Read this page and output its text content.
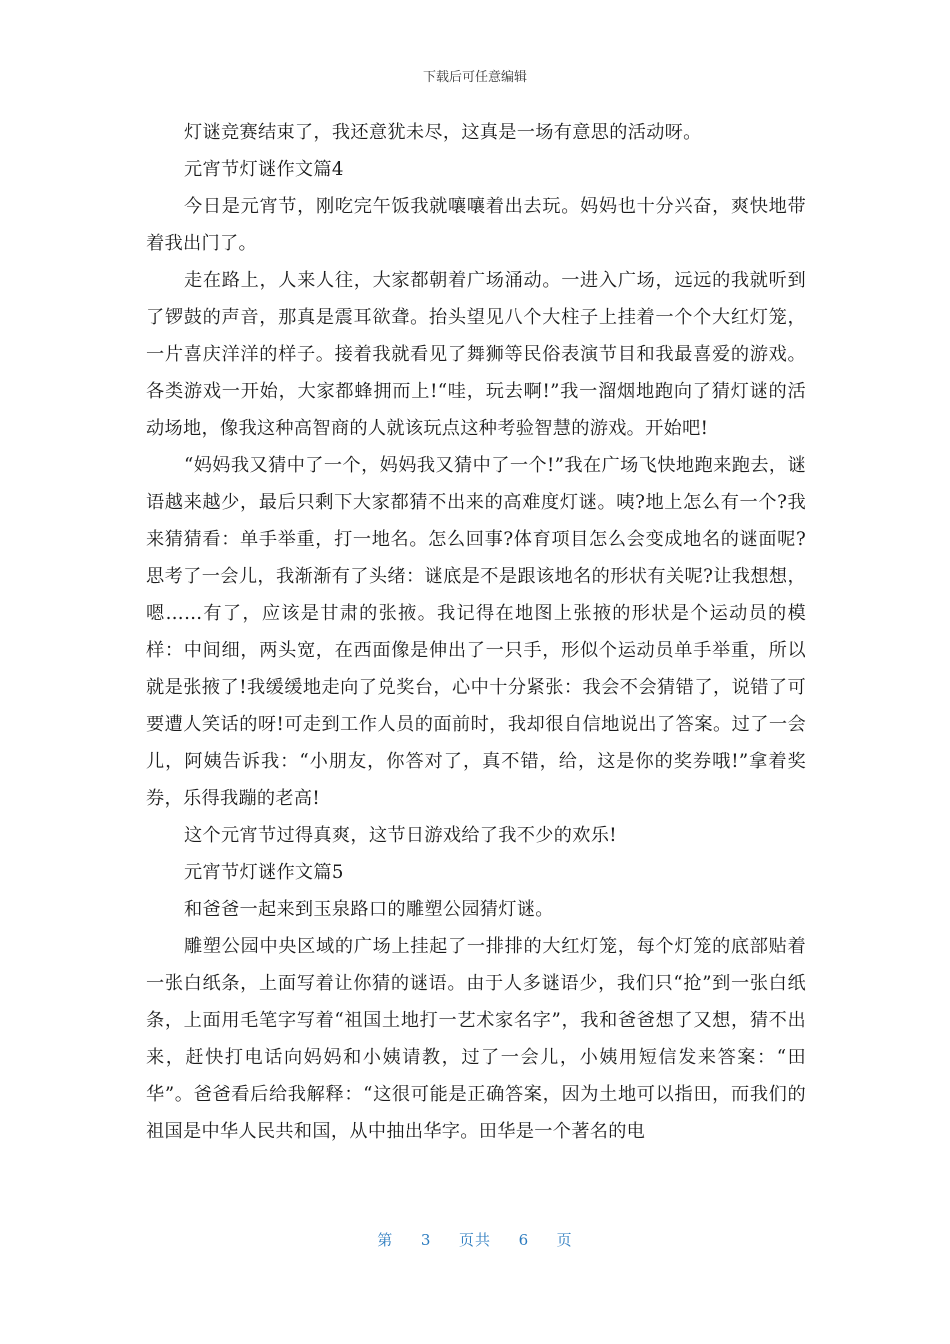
下载后可任意编辑

灯谜竞赛结束了，我还意犹未尽，这真是一场有意思的活动呀。

元宵节灯谜作文篇4

今日是元宵节，刚吃完午饭我就嚷嚷着出去玩。妈妈也十分兴奋，爽快地带着我出门了。

走在路上，人来人往，大家都朝着广场涌动。一进入广场，远远的我就听到了锣鼓的声音，那真是震耳欲聋。抬头望见八个大柱子上挂着一个个大红灯笼，一片喜庆洋洋的样子。接着我就看见了舞狮等民俗表演节目和我最喜爱的游戏。各类游戏一开始，大家都蜂拥而上!“哇，玩去啊!”我一溜烟地跑向了猜灯谜的活动场地，像我这种高智商的人就该玩点这种考验智慧的游戏。开始吧!

“妈妈我又猜中了一个，妈妈我又猜中了一个!”我在广场飞快地跑来跑去，谜语越来越少，最后只剩下大家都猜不出来的高难度灯谜。咦?地上怎么有一个?我来猜猜看：单手举重，打一地名。怎么回事?体育项目怎么会变成地名的谜面呢?思考了一会儿，我渐渐有了头绪：谜底是不是跟该地名的形状有关呢?让我想想，嗯……有了，应该是甘肃的张掖。我记得在地图上张掖的形状是个运动员的模样：中间细，两头宽，在西面像是伸出了一只手，形似个运动员单手举重，所以就是张掖了!我缓缓地走向了兑奖台，心中十分紧张：我会不会猜错了，说错了可要遭人笑话的呀!可走到工作人员的面前时，我却很自信地说出了答案。过了一会儿，阿姨告诉我：“小朋友，你答对了，真不错，给，这是你的奖券哦!”拿着奖券，乐得我蹦的老高!

这个元宵节过得真爽，这节日游戏给了我不少的欢乐!

元宵节灯谜作文篇5

和爸爸一起来到玉泉路口的雕塑公园猜灯谜。

雕塑公园中央区域的广场上挂起了一排排的大红灯笼，每个灯笼的底部贴着一张白纸条，上面写着让你猜的谜语。由于人多谜语少，我们只“抢”到一张白纸条，上面用毛笔字写着“祖国土地打一艺术家名字”，我和爸爸想了又想，猜不出来，赶快打电话向妈妈和小姨请教，过了一会儿，小姨用短信发来答案：“田华”。爸爸看后给我解释：“这很可能是正确答案，因为土地可以指田，而我们的祖国是中华人民共和国，从中抽出华字。田华是一个著名的电

第 3 页共 6 页
